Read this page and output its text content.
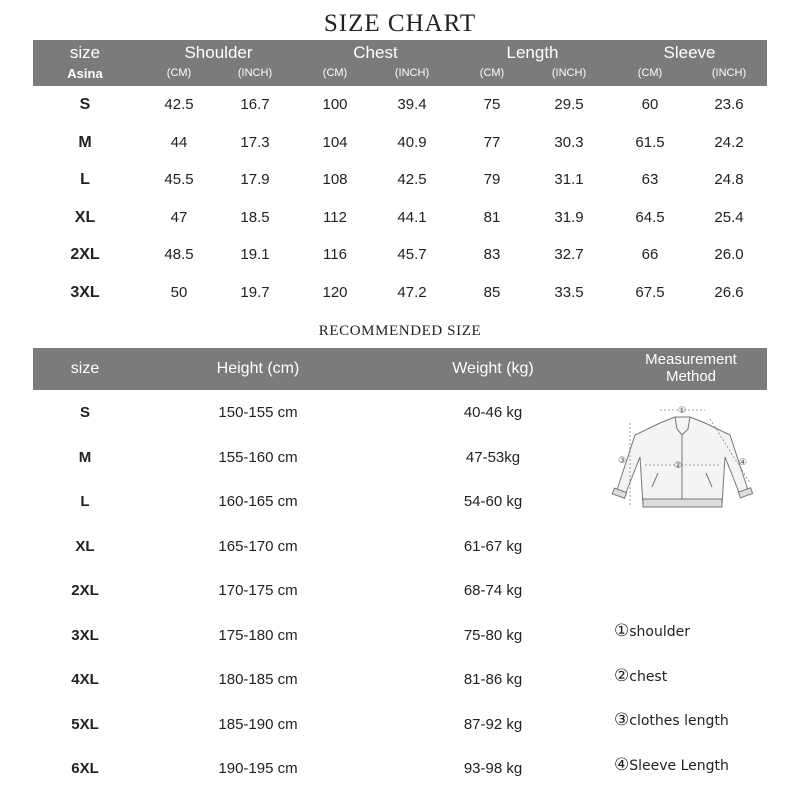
SIZE CHART
size
Asina
Shoulder	Chest	Length	Sleeve
(CM)	(INCH)	(CM)	(INCH)	(CM)	(INCH)	(CM)	(INCH)
S	42.5	16.7	100	39.4	75	29.5	60	23.6
M	44	17.3	104	40.9	77	30.3	61.5	24.2
L	45.5	17.9	108	42.5	79	31.1	63	24.8
XL	47	18.5	112	44.1	81	31.9	64.5	25.4
2XL	48.5	19.1	116	45.7	83	32.7	66	26.0
3XL	50	19.7	120	47.2	85	33.5	67.5	26.6
RECOMMENDED SIZE
size	Height (cm)	Weight (kg)
Measurement Method
S	150-155 cm	40-46 kg
M	155-160 cm	47-53kg
L	160-165 cm	54-60 kg
XL	165-170 cm	61-67 kg
2XL	170-175 cm	68-74 kg
3XL	175-180 cm	75-80 kg
4XL	180-185 cm	81-86 kg
5XL	185-190 cm	87-92 kg
6XL	190-195 cm	93-98 kg
①
②
③	④
①shoulder
②chest
③clothes length
④Sleeve Length
